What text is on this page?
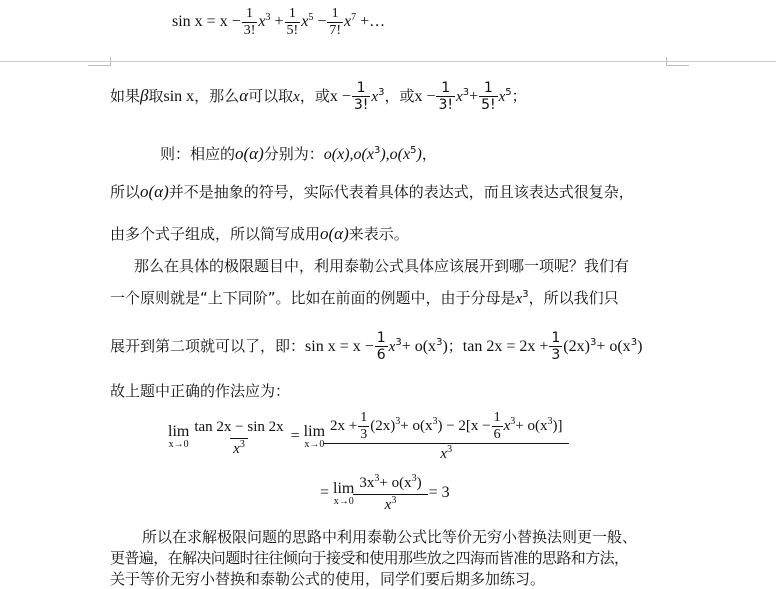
$\sin x = x - \frac{1}{3!} x^3 + \frac{1}{5!} x^5 - \frac{1}{7!} x^7$ +…
如果β取sin x，那么α可以取x，或$x - \frac{1}{3!} x^3$，或$x - \frac{1}{3!} x^3+ \frac{1}{5!} x^5$；
则：相应的o(α)分别为：$o(x),o(x^3),o(x^5)$，
所以o(α)并不是抽象的符号，实际代表着具体的表达式，而且该表达式很复杂，
由多个式子组成，所以简写成用o(α)来表示。
那么在具体的极限题目中，利用泰勒公式具体应该展开到哪一项呢？我们有
一个原则就是“上下同阶”。比如在前面的例题中，由于分母是$x^3$，所以我们只
展开到第二项就可以了，即：$\sin x = x - \frac{1}{6} x^3+ o(x^3)$；$\tan 2x = 2x + \frac{1}{3} (2x)^3+ o(x^3)$
故上题中正确的作法应为：
lim
$x\to 0 \frac{\tan 2x - \sin 2x}{x^3} = \lim$
$x\to 0 \frac{2x + \frac{1}{3} (2x)^3+ o(x^3) - 2[x - \frac{1}{6} x^3+ o(x^3)]}{x^3}$
= lim
$x\to 0 \frac{3x^3+ o(x^3)}{x^3} = 3$
所以在求解极限问题的思路中利用泰勒公式比等价无穷小替换法则更一般、
更普遍，在解决问题时往往倾向于接受和使用那些放之四海而皆准的思路和方法，
关于等价无穷小替换和泰勒公式的使用，同学们要后期多加练习。
